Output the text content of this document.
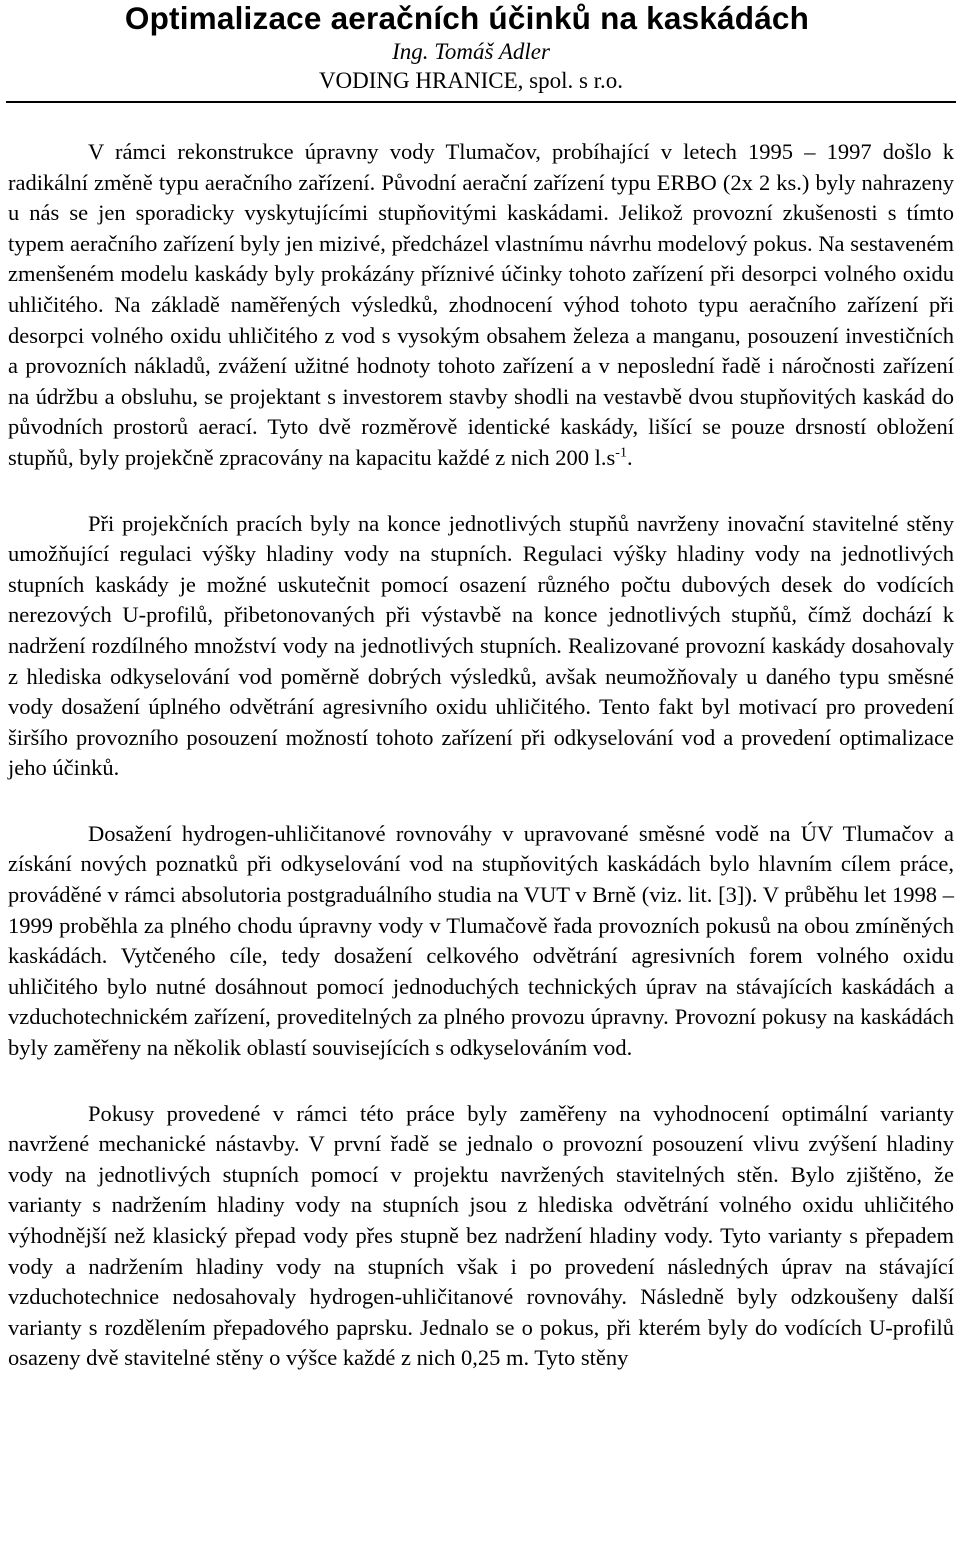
Optimalizace aeračních účinků na kaskádách

Ing. Tomáš Adler

VODING HRANICE, spol. s r.o.

V rámci rekonstrukce úpravny vody Tlumačov, probíhající v letech 1995 – 1997 došlo k radikální změně typu aeračního zařízení. Původní aerační zařízení typu ERBO (2x 2 ks.) byly nahrazeny u nás se jen sporadicky vyskytujícími stupňovitými kaskádami. Jelikož provozní zkušenosti s tímto typem aeračního zařízení byly jen mizivé, předcházel vlastnímu návrhu modelový pokus. Na sestaveném zmenšeném modelu kaskády byly prokázány příznivé účinky tohoto zařízení při desorpci volného oxidu uhličitého. Na základě naměřených výsledků, zhodnocení výhod tohoto typu aeračního zařízení při desorpci volného oxidu uhličitého z vod s vysokým obsahem železa a manganu, posouzení investičních a provozních nákladů, zvážení užitné hodnoty tohoto zařízení a v neposlední řadě i náročnosti zařízení na údržbu a obsluhu, se projektant s investorem stavby shodli na vestavbě dvou stupňovitých kaskád do původních prostorů aerací. Tyto dvě rozměrově identické kaskády, lišící se pouze drsností obložení stupňů, byly projekčně zpracovány na kapacitu každé z nich 200 $l.s^{-1}$.

Při projekčních pracích byly na konce jednotlivých stupňů navrženy inovační stavitelné stěny umožňující regulaci výšky hladiny vody na stupních. Regulaci výšky hladiny vody na jednotlivých stupních kaskády je možné uskutečnit pomocí osazení různého počtu dubových desek do vodících nerezových U-profilů, přibetonovaných při výstavbě na konce jednotlivých stupňů, čímž dochází k nadržení rozdílného množství vody na jednotlivých stupních. Realizované provozní kaskády dosahovaly z hlediska odkyselování vod poměrně dobrých výsledků, avšak neumožňovaly u daného typu směsné vody dosažení úplného odvětrání agresivního oxidu uhličitého. Tento fakt byl motivací pro provedení širšího provozního posouzení možností tohoto zařízení při odkyselování vod a provedení optimalizace jeho účinků.

Dosažení hydrogen-uhličitanové rovnováhy v upravované směsné vodě na ÚV Tlumačov a získání nových poznatků při odkyselování vod na stupňovitých kaskádách bylo hlavním cílem práce, prováděné v rámci absolutoria postgraduálního studia na VUT v Brně (viz. lit. [3]). V průběhu let 1998 –1999 proběhla za plného chodu úpravny vody v Tlumačově řada provozních pokusů na obou zmíněných kaskádách. Vytčeného cíle, tedy dosažení celkového odvětrání agresivních forem volného oxidu uhličitého bylo nutné dosáhnout pomocí jednoduchých technických úprav na stávajících kaskádách a vzduchotechnickém zařízení, proveditelných za plného provozu úpravny. Provozní pokusy na kaskádách byly zaměřeny na několik oblastí souvisejících s odkyselováním vod.

Pokusy provedené v rámci této práce byly zaměřeny na vyhodnocení optimální varianty navržené mechanické nástavby. V první řadě se jednalo o provozní posouzení vlivu zvýšení hladiny vody na jednotlivých stupních pomocí v projektu navržených stavitelných stěn. Bylo zjištěno, že varianty s nadržením hladiny vody na stupních jsou z hlediska odvětrání volného oxidu uhličitého výhodnější než klasický přepad vody přes stupně bez nadržení hladiny vody. Tyto varianty s přepadem vody a nadržením hladiny vody na stupních však i po provedení následných úprav na stávající vzduchotechnice nedosahovaly hydrogen-uhličitanové rovnováhy. Následně byly odzkoušeny další varianty s rozdělením přepadového paprsku. Jednalo se o pokus, při kterém byly do vodících U-profilů osazeny dvě stavitelné stěny o výšce každé z nich 0,25 m. Tyto stěny
